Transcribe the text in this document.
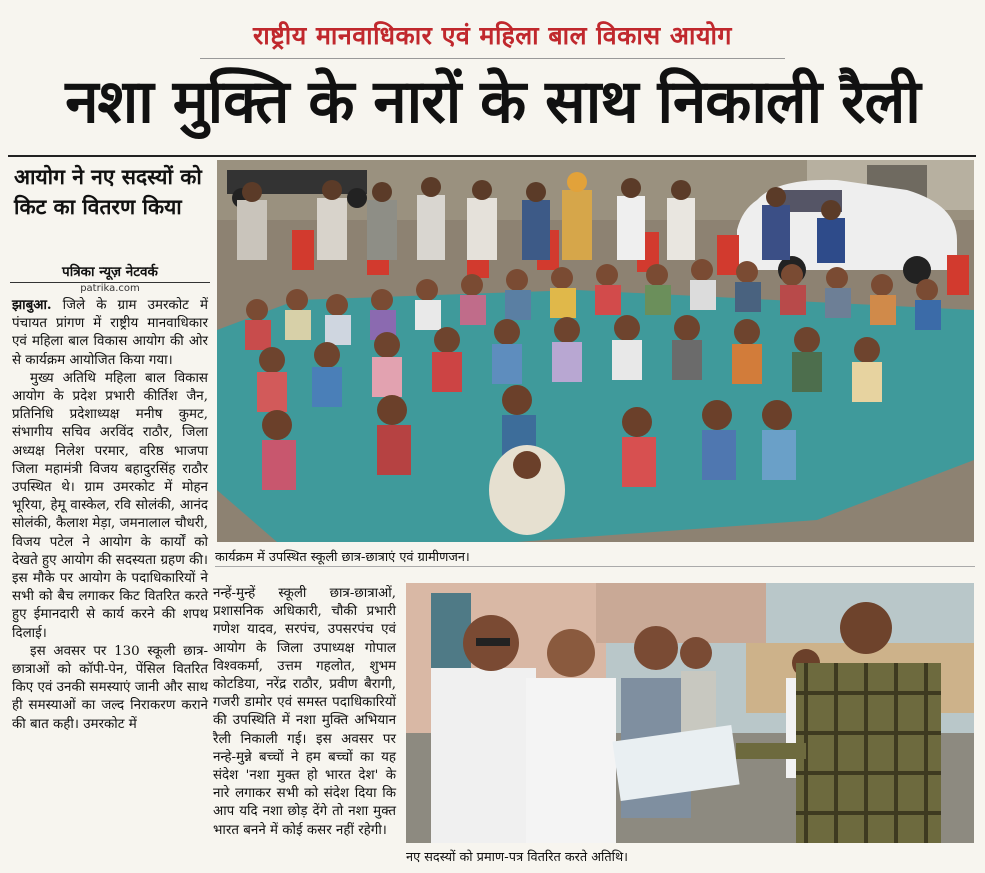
राष्ट्रीय मानवाधिकार एवं महिला बाल विकास आयोग
नशा मुक्ति के नारों के साथ निकाली रैली
आयोग ने नए सदस्यों को किट का वितरण किया
पत्रिका न्यूज़ नेटवर्क
patrika.com

झाबुआ. जिले के ग्राम उमरकोट में पंचायत प्रांगण में राष्ट्रीय मानवाधिकार एवं महिला बाल विकास आयोग की ओर से कार्यक्रम आयोजित किया गया।

मुख्य अतिथि महिला बाल विकास आयोग के प्रदेश प्रभारी कीर्तिश जैन, प्रतिनिधि प्रदेशाध्यक्ष मनीष कुमट, संभागीय सचिव अरविंद राठौर, जिला अध्यक्ष निलेश परमार, वरिष्ठ भाजपा जिला महामंत्री विजय बहादुरसिंह राठौर उपस्थित थे। ग्राम उमरकोट में मोहन भूरिया, हेमू वास्केल, रवि सोलंकी, आनंद सोलंकी, कैलाश मेड़ा, जमनालाल चौधरी, विजय पटेल ने आयोग के कार्यों को देखते हुए आयोग की सदस्यता ग्रहण की। इस मौके पर आयोग के पदाधिकारियों ने सभी को बैच लगाकर किट वितरित करते हुए ईमानदारी से कार्य करने की शपथ दिलाई।

इस अवसर पर 130 स्कूली छात्र- छात्राओं को कॉपी-पेन, पेंसिल वितरित किए एवं उनकी समस्याएं जानी और साथ ही समस्याओं का जल्द निराकरण कराने की बात कही। उमरकोट में

नन्हें-मुन्हें स्कूली छात्र-छात्राओं, प्रशासनिक अधिकारी, चौकी प्रभारी गणेश यादव, सरपंच, उपसरपंच एवं आयोग के जिला उपाध्यक्ष गोपाल विश्वकर्मा, उत्तम गहलोत, शुभम कोटडिया, नरेंद्र राठौर, प्रवीण बैरागी, गजरी डामोर एवं समस्त पदाधिकारियों की उपस्थिति में नशा मुक्ति अभियान रैली निकाली गई। इस अवसर पर नन्हे-मुन्ने बच्चों ने हम बच्चों का यह संदेश 'नशा मुक्त हो भारत देश' के नारे लगाकर सभी को संदेश दिया कि आप यदि नशा छोड़ देंगे तो नशा मुक्त भारत बनने में कोई कसर नहीं रहेगी।

कार्यक्रम में उपस्थित स्कूली छात्र-छात्राएं एवं ग्रामीणजन।
नए सदस्यों को प्रमाण-पत्र वितरित करते अतिथि।
